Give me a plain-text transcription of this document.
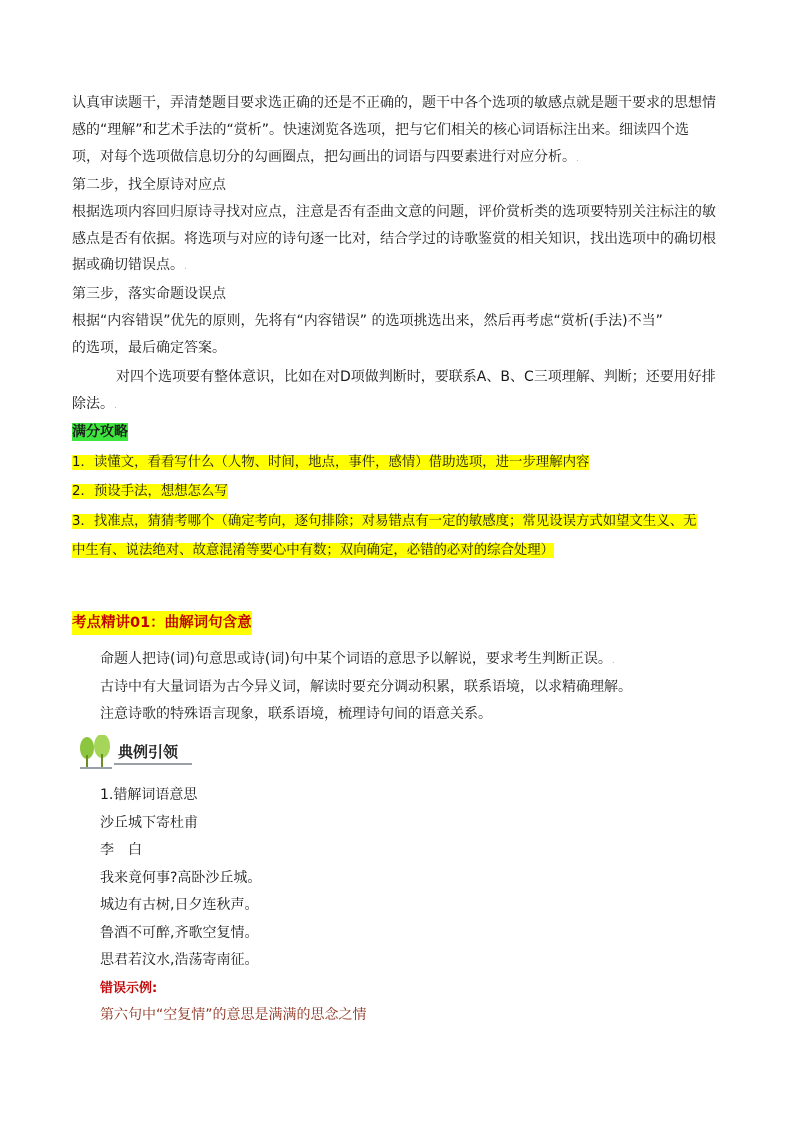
认真审读题干，弄清楚题目要求选正确的还是不正确的，题干中各个选项的敏感点就是题干要求的思想情
感的“理解”和艺术手法的“赏析”。快速浏览各选项，把与它们相关的核心词语标注出来。细读四个选
项，对每个选项做信息切分的勾画圈点，把勾画出的词语与四要素进行对应分析。.
第二步，找全原诗对应点
根据选项内容回归原诗寻找对应点，注意是否有歪曲文意的问题，评价赏析类的选项要特别关注标注的敏
感点是否有依据。将选项与对应的诗句逐一比对，结合学过的诗歌鉴赏的相关知识，找出选项中的确切根
据或确切错误点。.
第三步，落实命题设误点
根据“内容错误”优先的原则，先将有“内容错误” 的选项挑选出来，然后再考虑“赏析(手法)不当”
的选项，最后确定答案。
对四个选项要有整体意识，比如在对D项做判断时，要联系A、B、C三项理解、判断；还要用好排
除法。.
满分攻略
1．读懂文，看看写什么（人物、时间，地点，事件，感情）借助选项，进一步理解内容
2．预设手法，想想怎么写
3．找准点，猜猜考哪个（确定考向，逐句排除；对易错点有一定的敏感度；常见设误方式如望文生义、无
中生有、说法绝对、故意混淆等要心中有数；双向确定，必错的必对的综合处理）
考点精讲01：曲解词句含意
命题人把诗(词)句意思或诗(词)句中某个词语的意思予以解说，要求考生判断正误。.
古诗中有大量词语为古今异义词，解读时要充分调动积累，联系语境，以求精确理解。
注意诗歌的特殊语言现象，联系语境，梳理诗句间的语意关系。
典例引领
1.错解词语意思
沙丘城下寄杜甫
李　白
我来竟何事?高卧沙丘城。
城边有古树,日夕连秋声。
鲁酒不可醉,齐歌空复情。
思君若汶水,浩荡寄南征。
错误示例:
第六句中“空复情”的意思是满满的思念之情
